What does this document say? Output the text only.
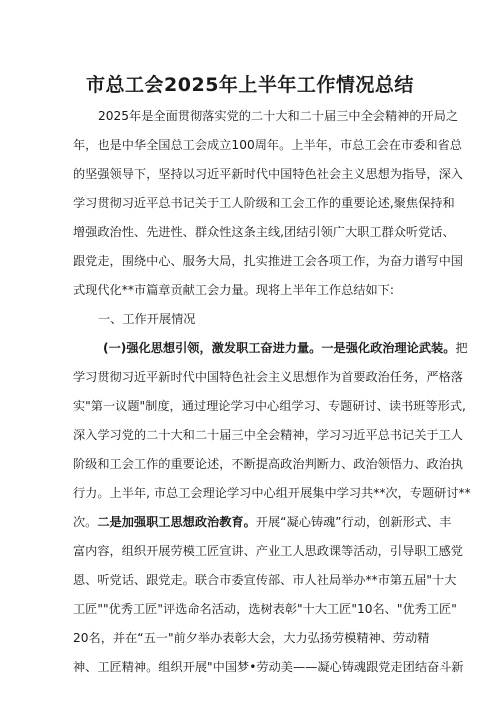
市总工会2025年上半年工作情况总结

2025年是全面贯彻落实党的二十大和二十届三中全会精神的开局之

年，也是中华全国总工会成立100周年。上半年，市总工会在市委和省总

的坚强领导下，坚持以习近平新时代中国特色社会主义思想为指导，深入

学习贯彻习近平总书记关于工人阶级和工会工作的重要论述,聚焦保持和

增强政治性、先进性、群众性这条主线,团结引领广大职工群众听党话、

跟党走，围绕中心、服务大局，扎实推进工会各项工作，为奋力谱写中国

式现代化**市篇章贡献工会力量。现将上半年工作总结如下:

一、工作开展情况

(一)强化思想引领，激发职工奋进力量。一是强化政治理论武装。把

学习贯彻习近平新时代中国特色社会主义思想作为首要政治任务，严格落

实"第一议题"制度，通过理论学习中心组学习、专题研讨、读书班等形式,

深入学习党的二十大和二十届三中全会精神，学习习近平总书记关于工人

阶级和工会工作的重要论述，不断提高政治判断力、政治领悟力、政治执

行力。上半年, 市总工会理论学习中心组开展集中学习共**次，专题研讨**

次。二是加强职工思想政治教育。开展“凝心铸魂”行动，创新形式、丰

富内容，组织开展劳模工匠宣讲、产业工人思政课等活动，引导职工感党

恩、听党话、跟党走。联合市委宣传部、市人社局举办**市第五届"十大

工匠""优秀工匠"评选命名活动，选树表彰"十大工匠"10名、"优秀工匠"

20名，并在“五一"前夕举办表彰大会，大力弘扬劳模精神、劳动精

神、工匠精神。组织开展"中国梦•劳动美——凝心铸魂跟党走团结奋斗新
